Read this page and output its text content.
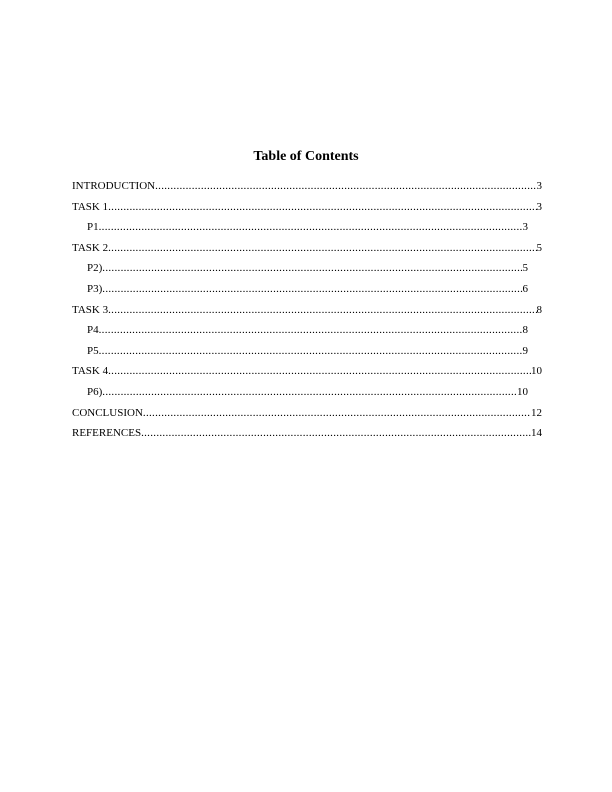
Table of Contents
INTRODUCTION .....	3
TASK 1 .....	3
P1 .....	3
TASK 2 .....	5
P2) .....	5
P3) .....	6
TASK 3 .....	8
P4 .....	8
P5 .....	9
TASK 4 .....	10
P6) .....	10
CONCLUSION .....	12
REFERENCES .....	14
